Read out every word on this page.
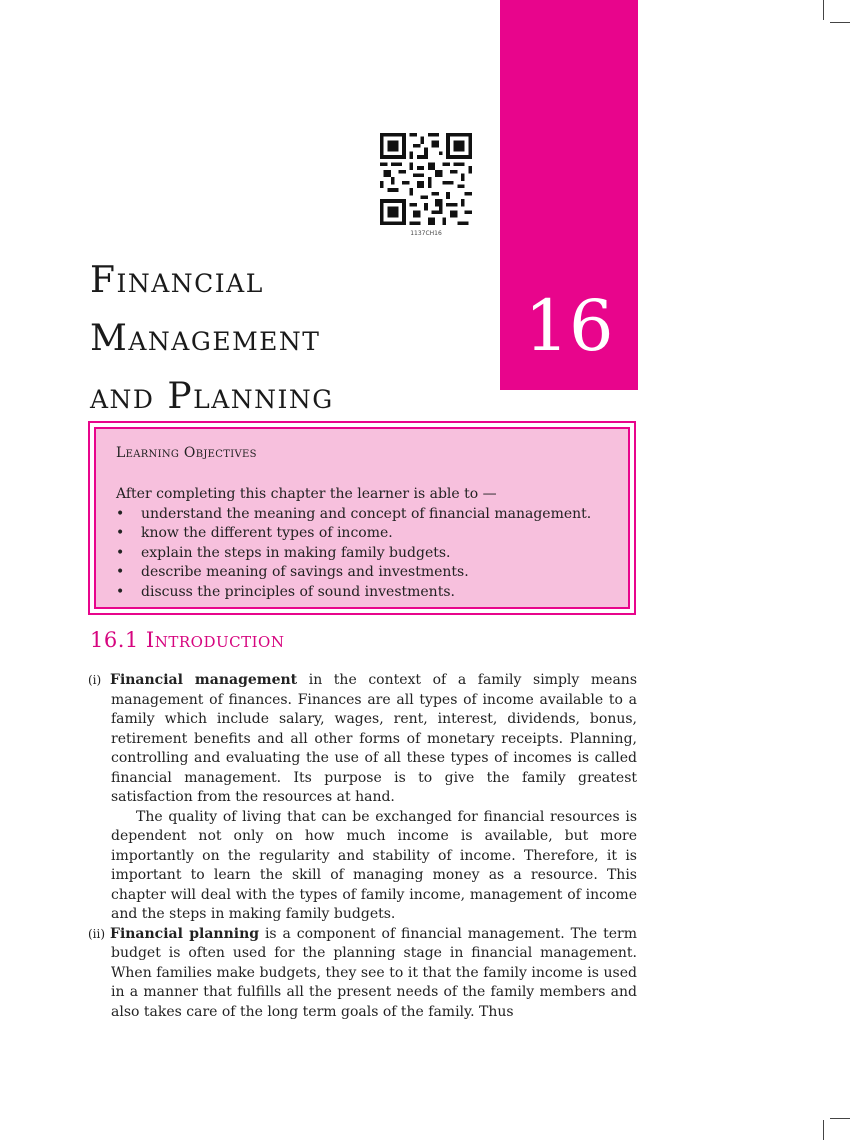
16
1137CH16
Financial
Management
and Planning
Learning Objectives
After completing this chapter the learner is able to —
• understand the meaning and concept of financial management.
• know the different types of income.
• explain the steps in making family budgets.
• describe meaning of savings and investments.
• discuss the principles of sound investments.
16.1 Introduction

(i) Financial management in the context of a family simply means management of finances. Finances are all types of income available to a family which include salary, wages, rent, interest, dividends, bonus, retirement benefits and all other forms of monetary receipts. Planning, controlling and evaluating the use of all these types of incomes is called financial management. Its purpose is to give the family greatest satisfaction from the resources at hand.

The quality of living that can be exchanged for financial resources is dependent not only on how much income is available, but more importantly on the regularity and stability of income. Therefore, it is important to learn the skill of managing money as a resource. This chapter will deal with the types of family income, management of income and the steps in making family budgets.

(ii) Financial planning is a component of financial management. The term budget is often used for the planning stage in financial management. When families make budgets, they see to it that the family income is used in a manner that fulfills all the present needs of the family members and also takes care of the long term goals of the family. Thus
